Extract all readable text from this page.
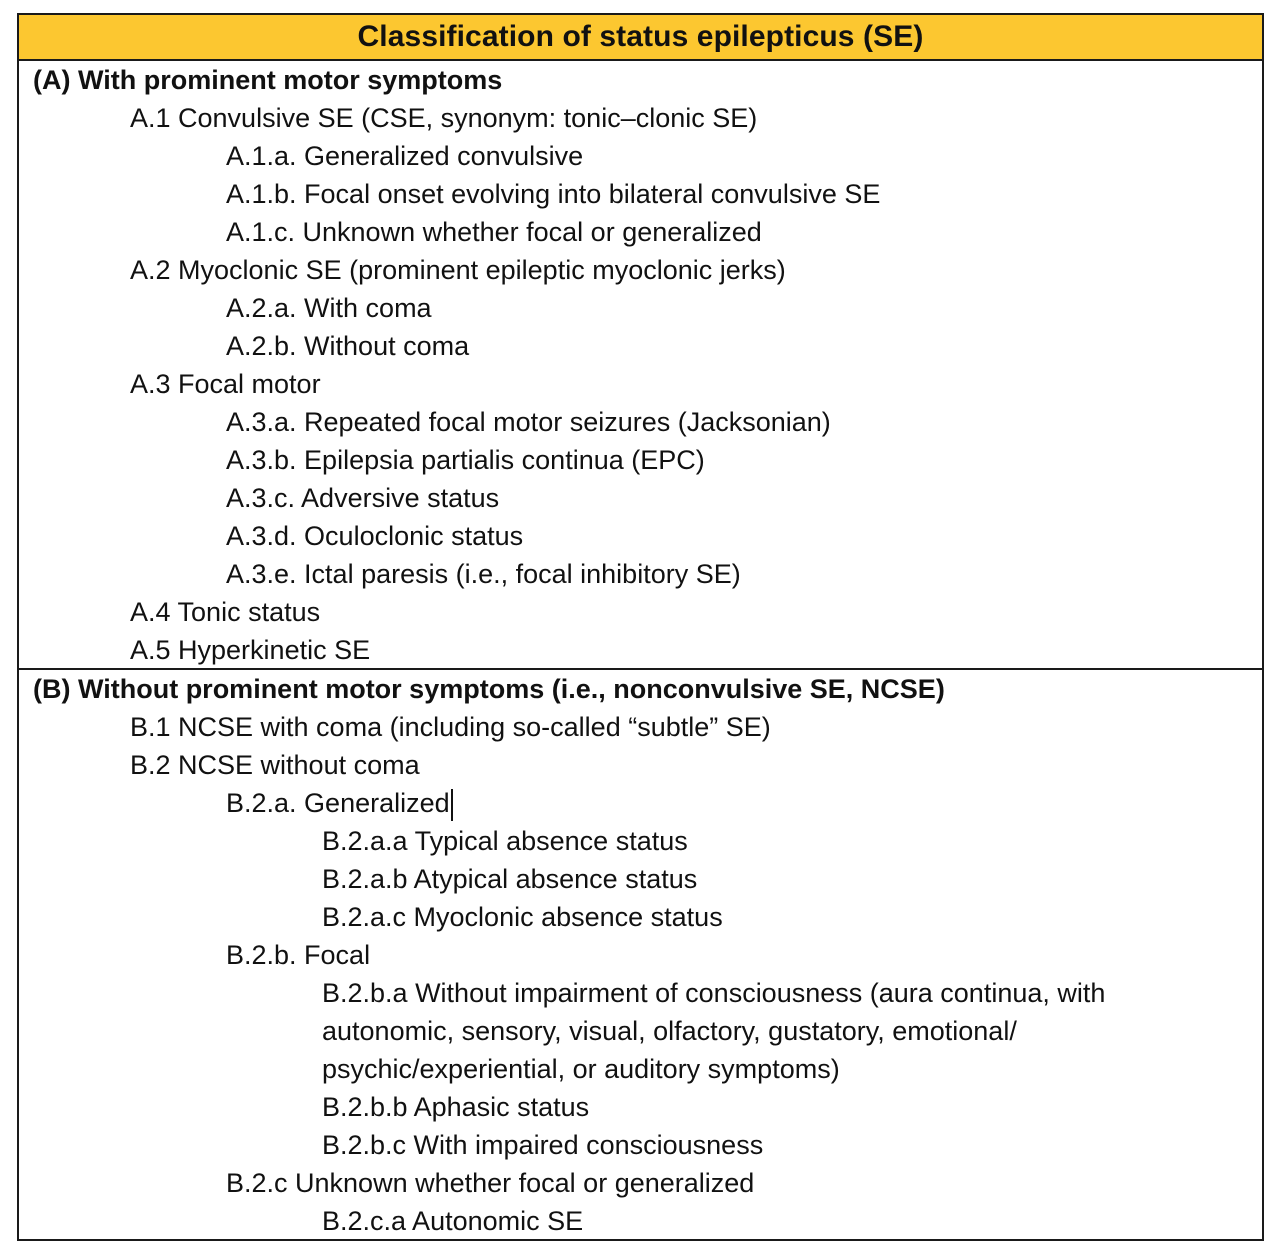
Classification of status epilepticus (SE)
(A) With prominent motor symptoms
A.1 Convulsive SE (CSE, synonym: tonic–clonic SE)
A.1.a. Generalized convulsive
A.1.b. Focal onset evolving into bilateral convulsive SE
A.1.c. Unknown whether focal or generalized
A.2 Myoclonic SE (prominent epileptic myoclonic jerks)
A.2.a. With coma
A.2.b. Without coma
A.3 Focal motor
A.3.a. Repeated focal motor seizures (Jacksonian)
A.3.b. Epilepsia partialis continua (EPC)
A.3.c. Adversive status
A.3.d. Oculoclonic status
A.3.e. Ictal paresis (i.e., focal inhibitory SE)
A.4 Tonic status
A.5 Hyperkinetic SE
(B) Without prominent motor symptoms (i.e., nonconvulsive SE, NCSE)
B.1 NCSE with coma (including so-called “subtle” SE)
B.2 NCSE without coma
B.2.a. Generalized
B.2.a.a Typical absence status
B.2.a.b Atypical absence status
B.2.a.c Myoclonic absence status
B.2.b. Focal
B.2.b.a Without impairment of consciousness (aura continua, with
autonomic, sensory, visual, olfactory, gustatory, emotional/
psychic/experiential, or auditory symptoms)
B.2.b.b Aphasic status
B.2.b.c With impaired consciousness
B.2.c Unknown whether focal or generalized
B.2.c.a Autonomic SE
